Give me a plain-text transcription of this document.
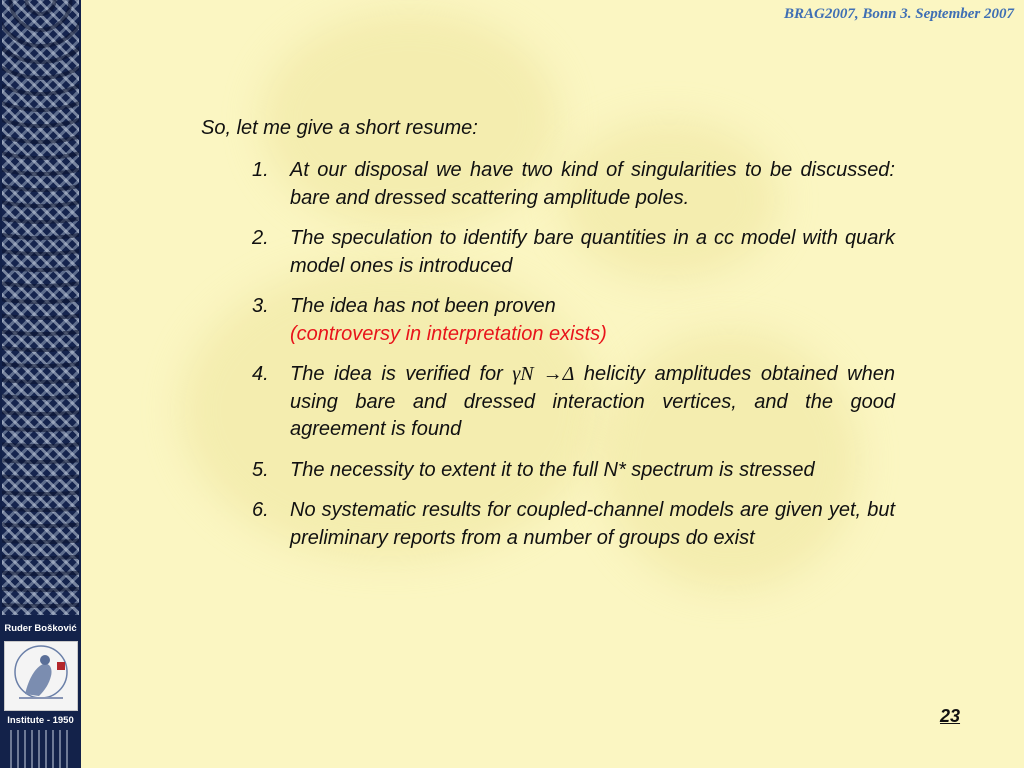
Ruder Bošković
Institute - 1950
BRAG2007, Bonn 3. September 2007
So, let me give a short resume:
1.	At our disposal we have two kind of singularities to be discussed: bare and dressed scattering amplitude poles.
2.	The speculation to identify bare quantities in a cc model with quark model ones is introduced
3.	The idea has not been proven
(controversy in interpretation exists)
4.	The idea is verified for γN →Δ helicity amplitudes obtained when using bare and dressed interaction vertices, and the good agreement is found
5.	The necessity to extent it to the full N* spectrum is stressed
6.	No systematic results for coupled-channel models are given yet, but preliminary reports from a number of groups do exist
23
